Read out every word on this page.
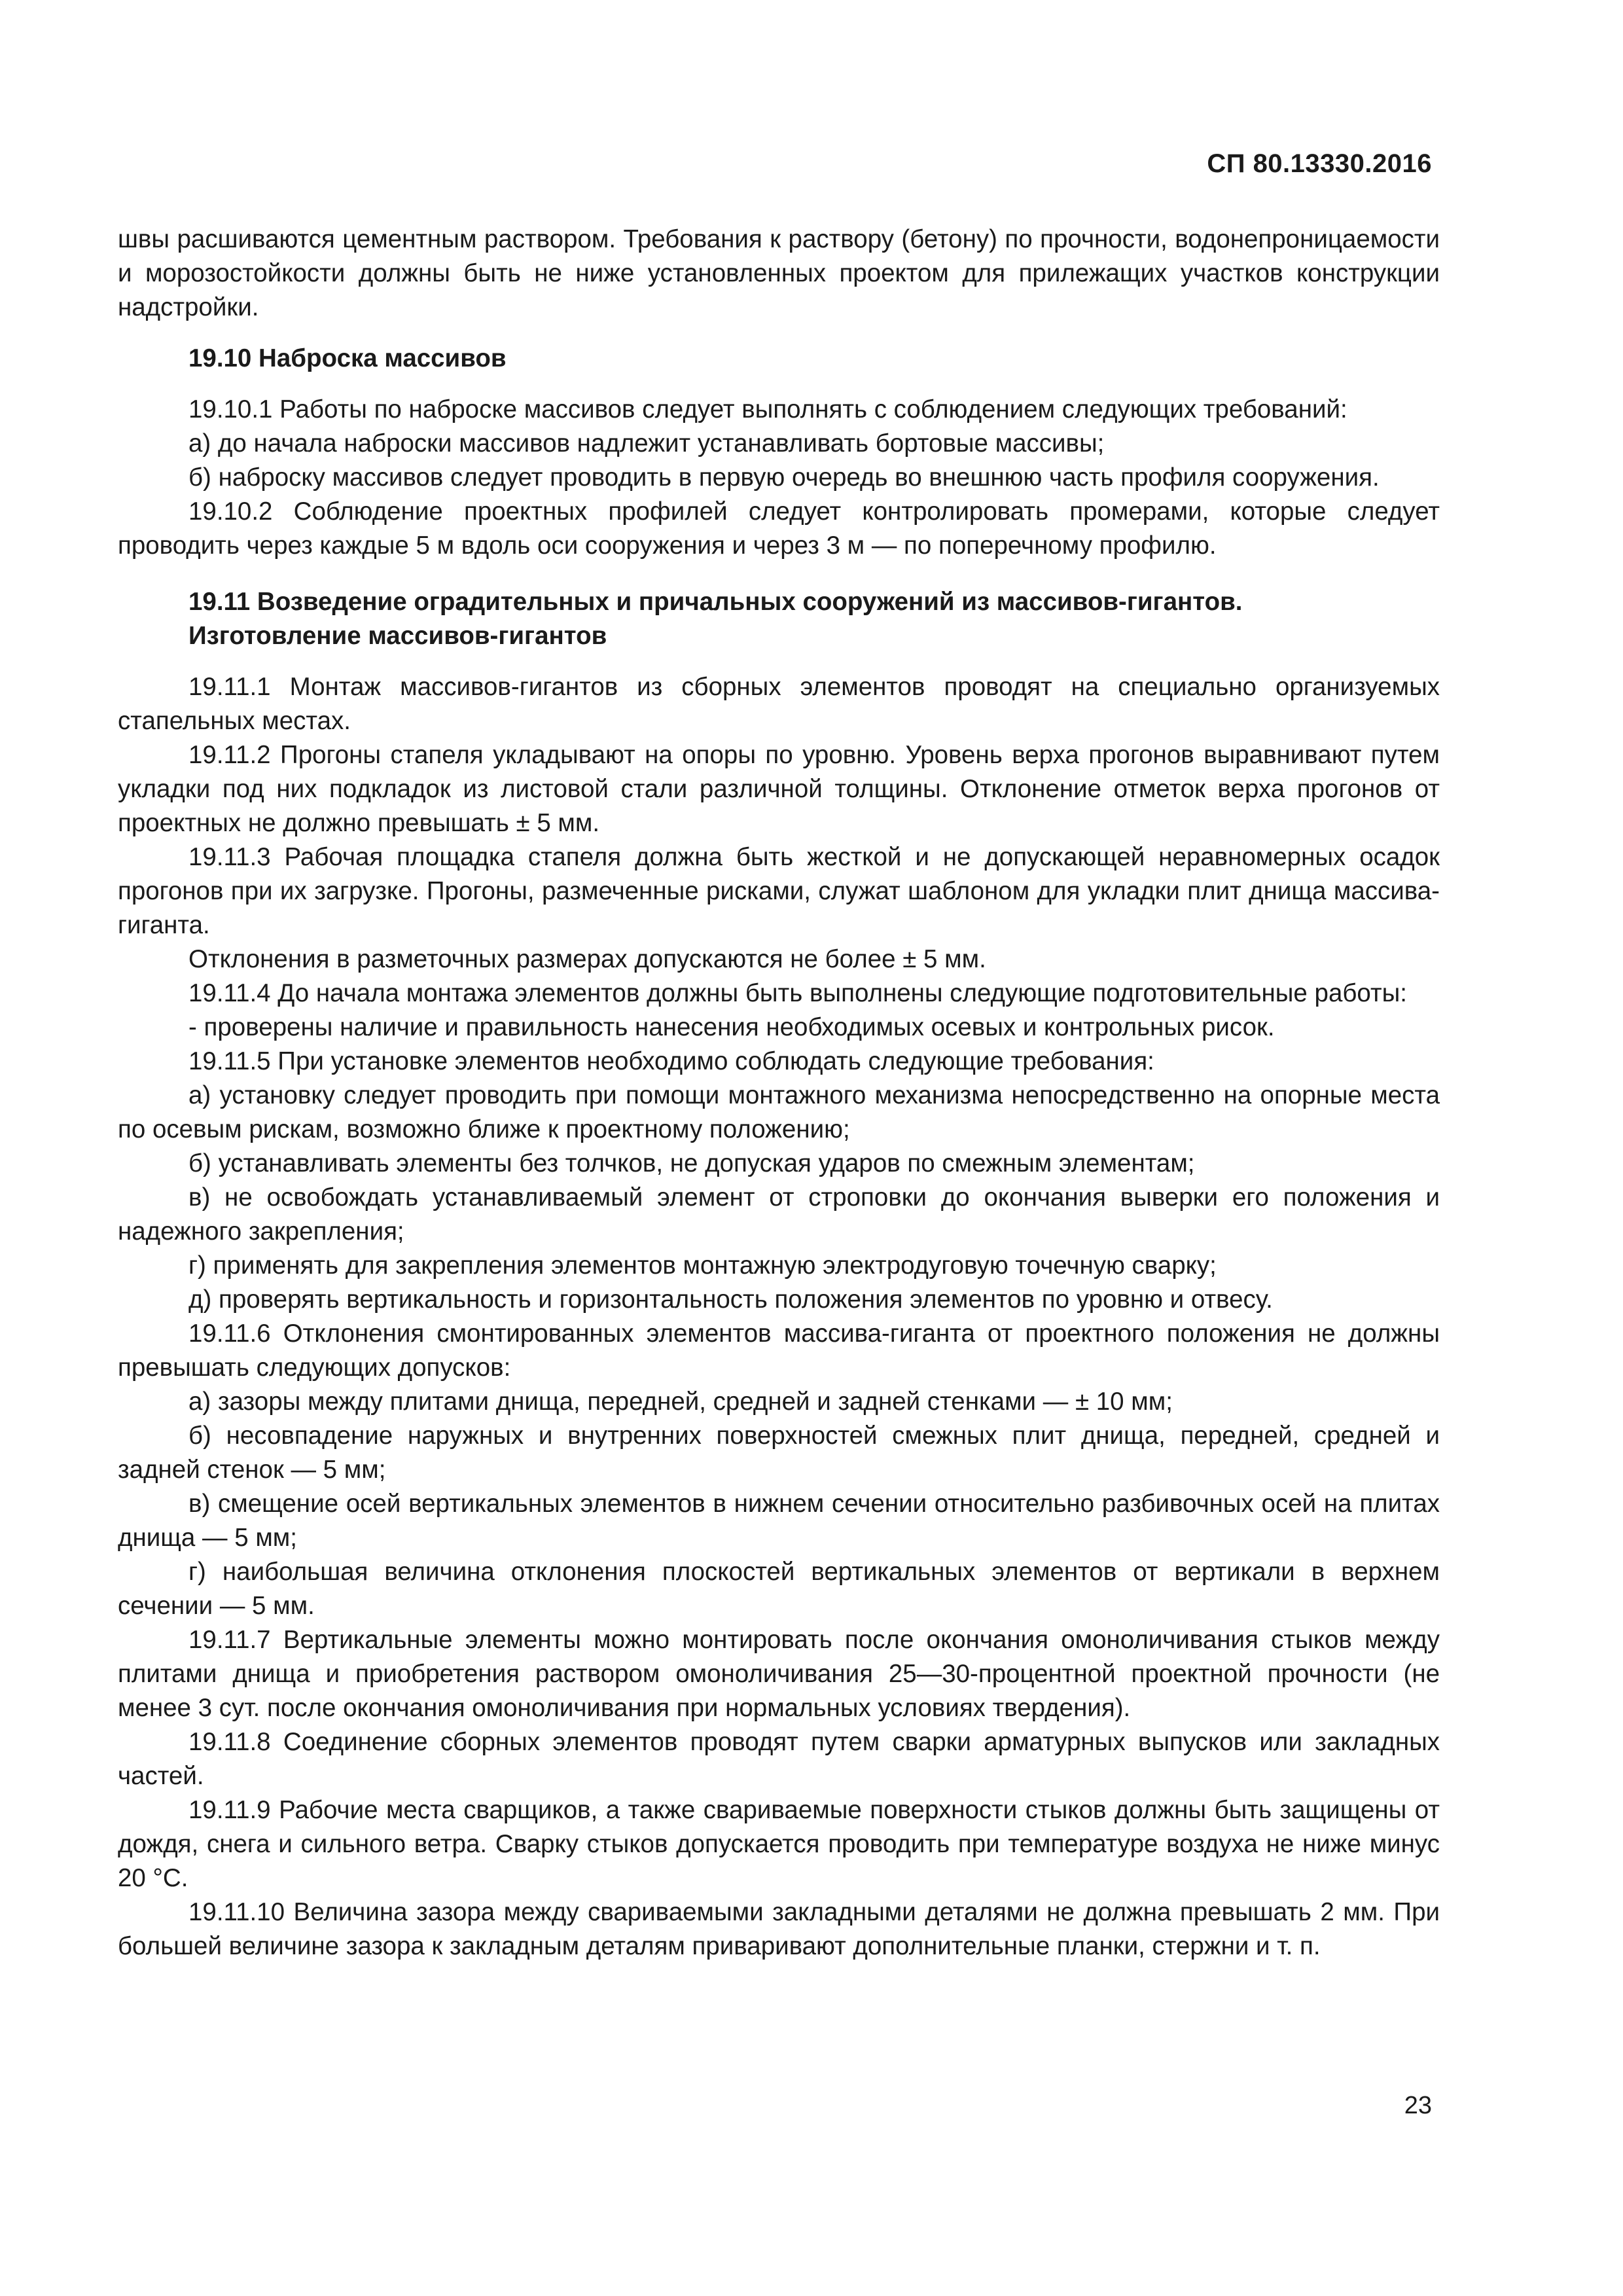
СП 80.13330.2016

швы расшиваются цементным раствором. Требования к раствору (бетону) по прочности, водонепроницаемости и морозостойкости должны быть не ниже установленных проектом для прилежащих участков конструкции надстройки.

19.10 Наброска массивов

19.10.1 Работы по наброске массивов следует выполнять с соблюдением следующих требований:

а) до начала наброски массивов надлежит устанавливать бортовые массивы;

б) наброску массивов следует проводить в первую очередь во внешнюю часть профиля сооружения.

19.10.2 Соблюдение проектных профилей следует контролировать промерами, которые следует проводить через каждые 5 м вдоль оси сооружения и через 3 м — по поперечному профилю.

19.11 Возведение оградительных и причальных сооружений из массивов-гигантов.
Изготовление массивов-гигантов

19.11.1 Монтаж массивов-гигантов из сборных элементов проводят на специально организуемых стапельных местах.

19.11.2 Прогоны стапеля укладывают на опоры по уровню. Уровень верха прогонов выравнивают путем укладки под них подкладок из листовой стали различной толщины. Отклонение отметок верха прогонов от проектных не должно превышать ± 5 мм.

19.11.3 Рабочая площадка стапеля должна быть жесткой и не допускающей неравномерных осадок прогонов при их загрузке. Прогоны, размеченные рисками, служат шаблоном для укладки плит днища массива-гиганта.

Отклонения в разметочных размерах допускаются не более ± 5 мм.

19.11.4 До начала монтажа элементов должны быть выполнены следующие подготовительные работы:

- проверены наличие и правильность нанесения необходимых осевых и контрольных рисок.

19.11.5 При установке элементов необходимо соблюдать следующие требования:

а) установку следует проводить при помощи монтажного механизма непосредственно на опорные места по осевым рискам, возможно ближе к проектному положению;

б) устанавливать элементы без толчков, не допуская ударов по смежным элементам;

в) не освобождать устанавливаемый элемент от строповки до окончания выверки его положения и надежного закрепления;

г) применять для закрепления элементов монтажную электродуговую точечную сварку;

д) проверять вертикальность и горизонтальность положения элементов по уровню и отвесу.

19.11.6 Отклонения смонтированных элементов массива-гиганта от проектного положения не должны превышать следующих допусков:

а) зазоры между плитами днища, передней, средней и задней стенками — ± 10 мм;

б) несовпадение наружных и внутренних поверхностей смежных плит днища, передней, средней и задней стенок — 5 мм;

в) смещение осей вертикальных элементов в нижнем сечении относительно разбивочных осей на плитах днища — 5 мм;

г) наибольшая величина отклонения плоскостей вертикальных элементов от вертикали в верхнем сечении — 5 мм.

19.11.7 Вертикальные элементы можно монтировать после окончания омоноличивания стыков между плитами днища и приобретения раствором омоноличивания 25—30-процентной проектной прочности (не менее 3 сут. после окончания омоноличивания при нормальных условиях твердения).

19.11.8 Соединение сборных элементов проводят путем сварки арматурных выпусков или закладных частей.

19.11.9 Рабочие места сварщиков, а также свариваемые поверхности стыков должны быть защищены от дождя, снега и сильного ветра. Сварку стыков допускается проводить при температуре воздуха не ниже минус 20 °С.

19.11.10 Величина зазора между свариваемыми закладными деталями не должна превышать 2 мм. При большей величине зазора к закладным деталям приваривают дополнительные планки, стержни и т. п.

23
